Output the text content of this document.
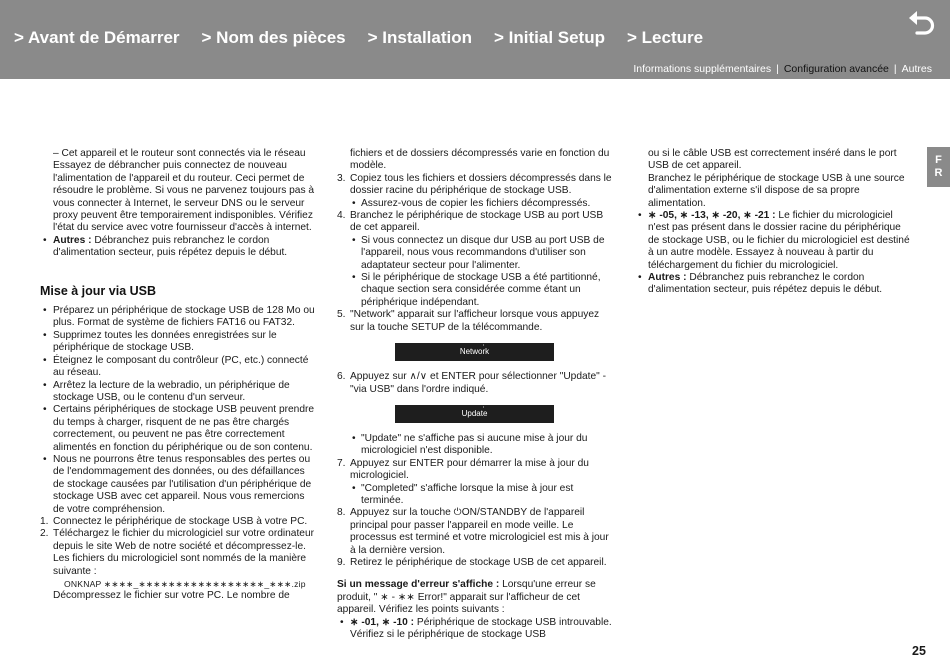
> Avant de Démarrer > Nom des pièces > Installation > Initial Setup > Lecture
Informations supplémentaires | Configuration avancée | Autres
F
R

– Cet appareil et le routeur sont connectés via le réseau

Essayez de débrancher puis connectez de nouveau l'alimentation de l'appareil et du routeur. Ceci permet de résoudre le problème. Si vous ne parvenez toujours pas à vous connecter à Internet, le serveur DNS ou le serveur proxy peuvent être temporairement indisponibles. Vérifiez l'état du service avec votre fournisseur d'accès à internet.

• Autres : Débranchez puis rebranchez le cordon d'alimentation secteur, puis répétez depuis le début.

Mise à jour via USB

• Préparez un périphérique de stockage USB de 128 Mo ou plus. Format de système de fichiers FAT16 ou FAT32.

• Supprimez toutes les données enregistrées sur le périphérique de stockage USB.

• Éteignez le composant du contrôleur (PC, etc.) connecté au réseau.

• Arrêtez la lecture de la webradio, un périphérique de stockage USB, ou le contenu d'un serveur.

• Certains périphériques de stockage USB peuvent prendre du temps à charger, risquent de ne pas être chargés correctement, ou peuvent ne pas être correctement alimentés en fonction du périphérique ou de son contenu.

• Nous ne pourrons être tenus responsables des pertes ou de l'endommagement des données, ou des défaillances de stockage causées par l'utilisation d'un périphérique de stockage USB avec cet appareil. Nous vous remercions de votre compréhension.

1. Connectez le périphérique de stockage USB à votre PC.

2. Téléchargez le fichier du micrologiciel sur votre ordinateur depuis le site Web de notre société et décompressez-le.

Les fichiers du micrologiciel sont nommés de la manière suivante :

ONKNAP ∗∗∗∗_∗∗∗∗∗∗∗∗∗∗∗∗∗∗∗∗∗_∗∗∗.zip

Décompressez le fichier sur votre PC. Le nombre de

fichiers et de dossiers décompressés varie en fonction du modèle.

3. Copiez tous les fichiers et dossiers décompressés dans le dossier racine du périphérique de stockage USB.

• Assurez-vous de copier les fichiers décompressés.

4. Branchez le périphérique de stockage USB au port USB de cet appareil.

• Si vous connectez un disque dur USB au port USB de l'appareil, nous vous recommandons d'utiliser son adaptateur secteur pour l'alimenter.

• Si le périphérique de stockage USB a été partitionné, chaque section sera considérée comme étant un périphérique indépendant.

5. "Network" apparait sur l'afficheur lorsque vous appuyez sur la touche SETUP de la télécommande.

Network
⋮

6. Appuyez sur ∧/∨ et ENTER pour sélectionner "Update" - "via USB" dans l'ordre indiqué.

Update
⋮

• "Update" ne s'affiche pas si aucune mise à jour du micrologiciel n'est disponible.

7. Appuyez sur ENTER pour démarrer la mise à jour du micrologiciel.

• "Completed" s'affiche lorsque la mise à jour est terminée.

8. Appuyez sur la touche ⏻ON/STANDBY de l'appareil principal pour passer l'appareil en mode veille. Le processus est terminé et votre micrologiciel est mis à jour à la dernière version.

9. Retirez le périphérique de stockage USB de cet appareil.

Si un message d'erreur s'affiche : Lorsqu'une erreur se produit, " ∗ - ∗∗ Error!" apparait sur l'afficheur de cet appareil. Vérifiez les points suivants :

• ∗ -01, ∗ -10 : Périphérique de stockage USB introuvable. Vérifiez si le périphérique de stockage USB

ou si le câble USB est correctement inséré dans le port USB de cet appareil.

Branchez le périphérique de stockage USB à une source d'alimentation externe s'il dispose de sa propre alimentation.

• ∗ -05, ∗ -13, ∗ -20, ∗ -21 : Le fichier du micrologiciel n'est pas présent dans le dossier racine du périphérique de stockage USB, ou le fichier du micrologiciel est destiné à un autre modèle. Essayez à nouveau à partir du téléchargement du fichier du micrologiciel.

• Autres : Débranchez puis rebranchez le cordon d'alimentation secteur, puis répétez depuis le début.

25
